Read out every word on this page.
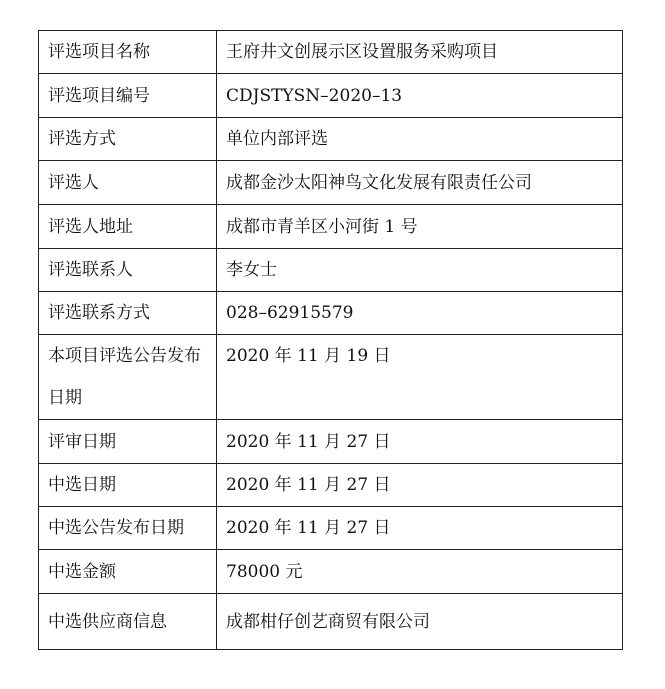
评选项目名称	王府井文创展示区设置服务采购项目
评选项目编号	CDJSTYSN–2020–13
评选方式	单位内部评选
评选人	成都金沙太阳神鸟文化发展有限责任公司
评选人地址	成都市青羊区小河街 1 号
评选联系人	李女士
评选联系方式	028–62915579
本项目评选公告发布日期	2020 年 11 月 19 日
评审日期	2020 年 11 月 27 日
中选日期	2020 年 11 月 27 日
中选公告发布日期	2020 年 11 月 27 日
中选金额	78000 元
中选供应商信息	成都柑仔创艺商贸有限公司
